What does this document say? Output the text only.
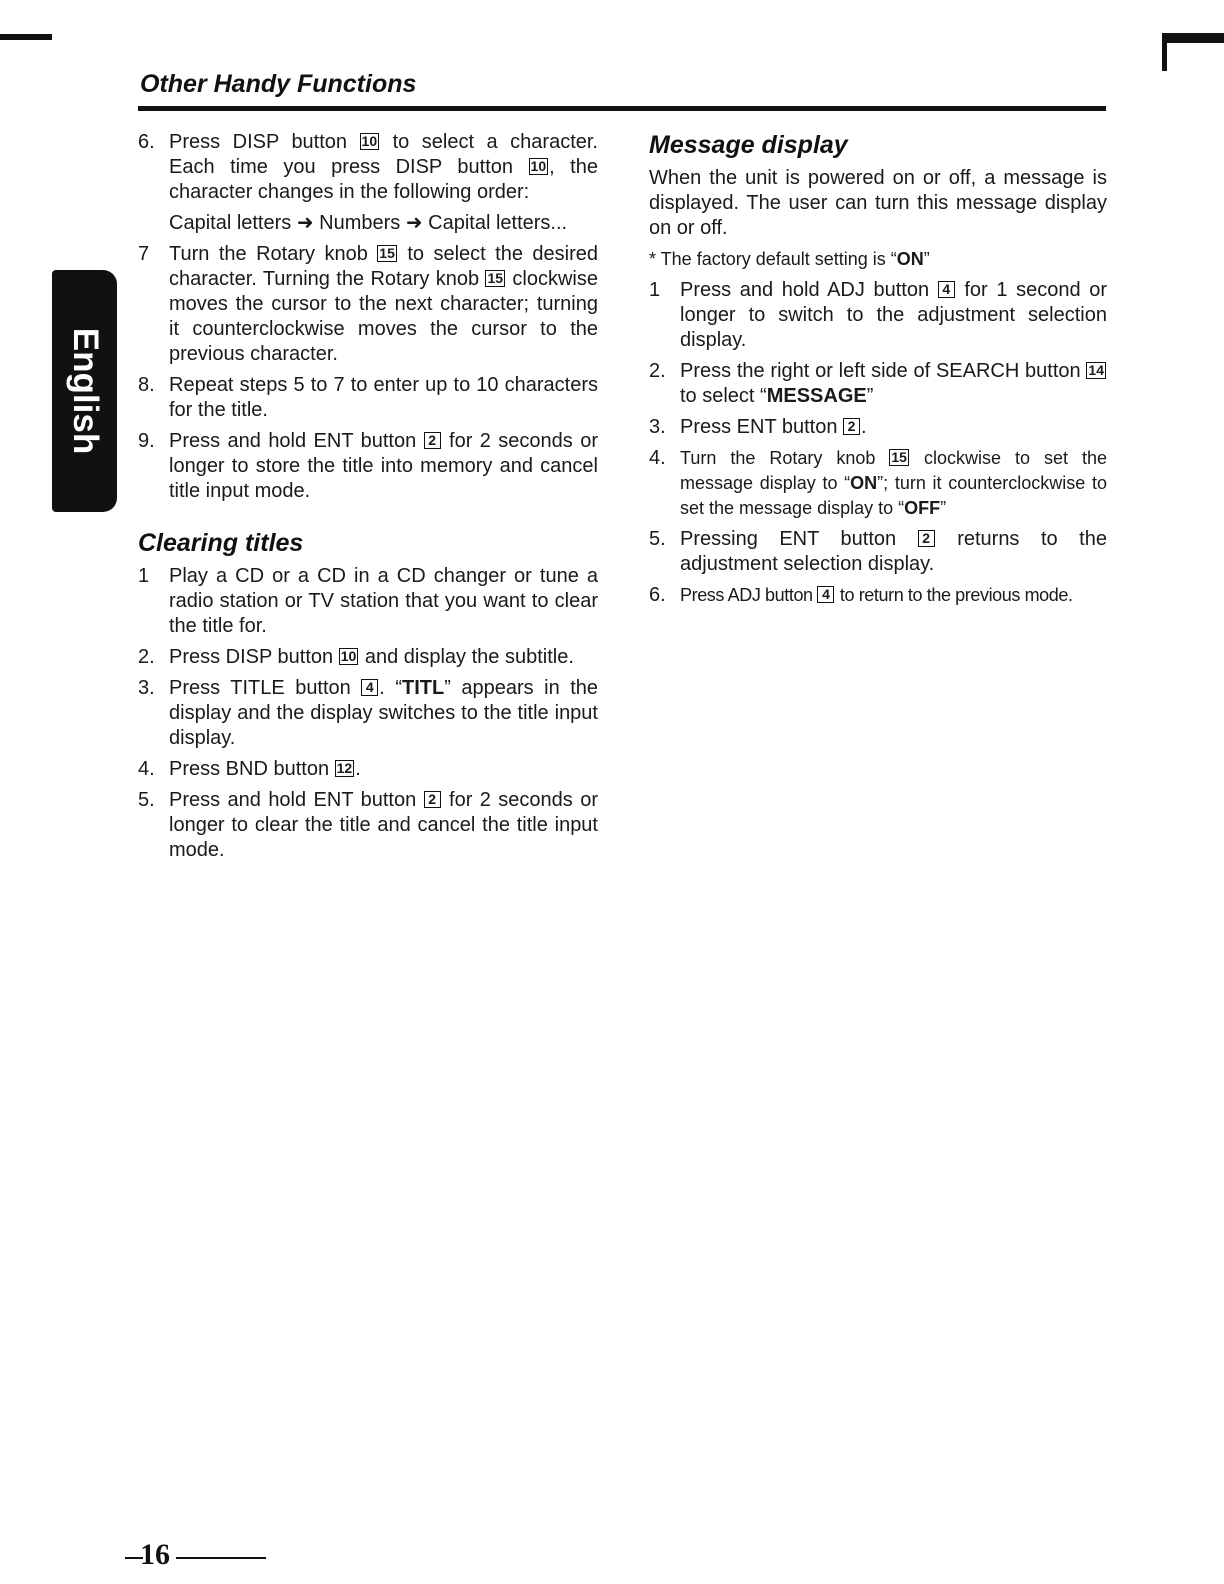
Other Handy Functions
English
6. Press DISP button 10 to select a character. Each time you press DISP button 10 , the character changes in the following order:
Capital letters ➜ Numbers ➜ Capital letters...
7 Turn the Rotary knob 15 to select the desired character. Turning the Rotary knob 15 clockwise moves the cursor to the next character; turning it counterclockwise moves the cursor to the previous character.
8. Repeat steps 5 to 7 to enter up to 10 characters for the title.
9. Press and hold ENT button 2 for 2 seconds or longer to store the title into memory and cancel title input mode.
Clearing titles
1 Play a CD or a CD in a CD changer or tune a radio station or TV station that you want to clear the title for.
2. Press DISP button 10 and display the subtitle.
3. Press TITLE button 4 . “TITL” appears in the display and the display switches to the title input display.
4. Press BND button 12 .
5. Press and hold ENT button 2 for 2 seconds or longer to clear the title and cancel the title input mode.
Message display

When the unit is powered on or off, a message is displayed. The user can turn this message display on or off.

* The factory default setting is “ON”

1 Press and hold ADJ button 4 for 1 second or longer to switch to the adjustment selection display.
2. Press the right or left side of SEARCH button 14 to select “MESSAGE”
3. Press ENT button 2 .
4. Turn the Rotary knob 15 clockwise to set the message display to “ON”; turn it counterclockwise to set the message display to “OFF”
5. Pressing ENT button 2 returns to the adjustment selection display.
6. Press ADJ button 4 to return to the previous mode.
16
